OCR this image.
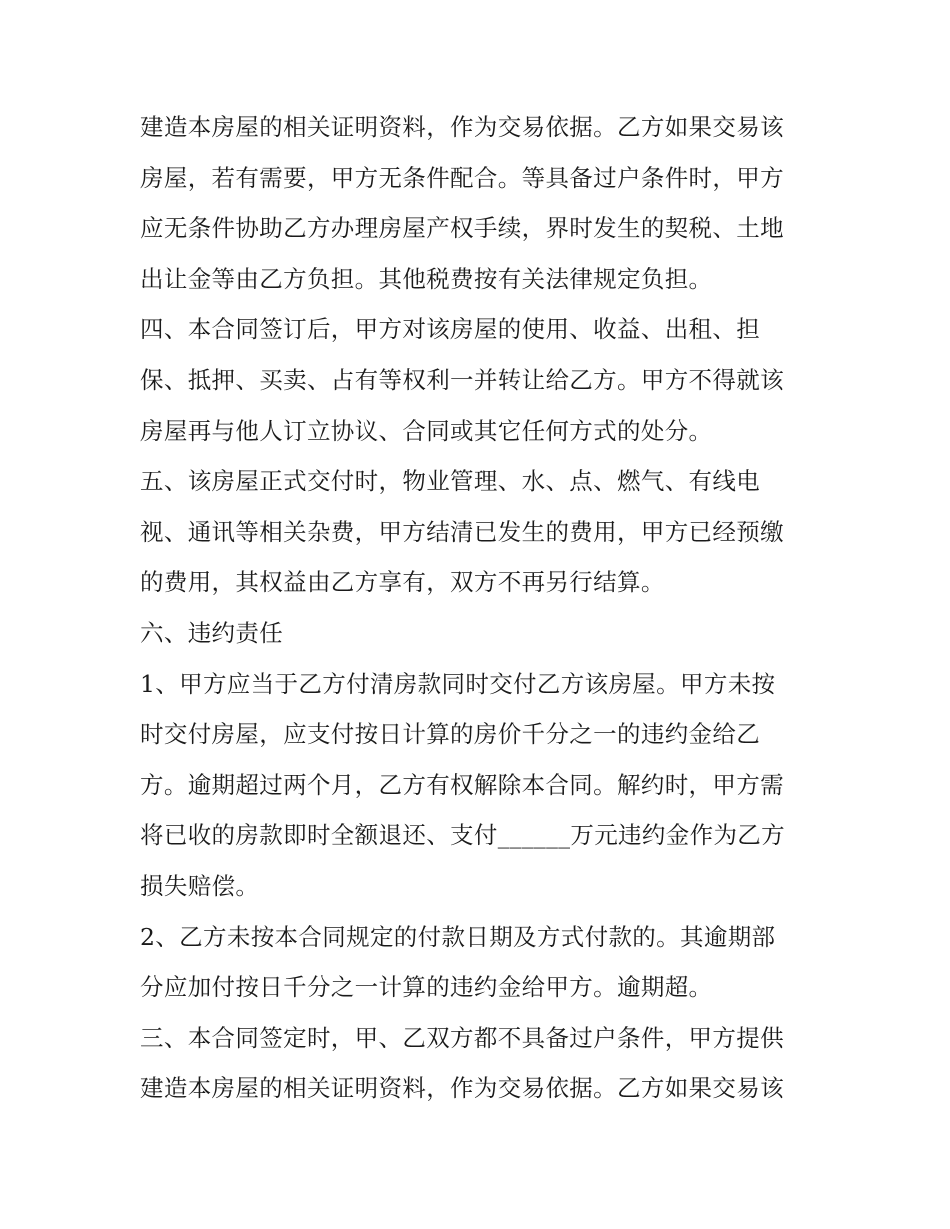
建造本房屋的相关证明资料，作为交易依据。乙方如果交易该
房屋，若有需要，甲方无条件配合。等具备过户条件时，甲方
应无条件协助乙方办理房屋产权手续，界时发生的契税、土地
出让金等由乙方负担。其他税费按有关法律规定负担。
四、本合同签订后，甲方对该房屋的使用、收益、出租、担
保、抵押、买卖、占有等权利一并转让给乙方。甲方不得就该
房屋再与他人订立协议、合同或其它任何方式的处分。
五、该房屋正式交付时，物业管理、水、点、燃气、有线电
视、通讯等相关杂费，甲方结清已发生的费用，甲方已经预缴
的费用，其权益由乙方享有，双方不再另行结算。
六、违约责任
1、甲方应当于乙方付清房款同时交付乙方该房屋。甲方未按
时交付房屋，应支付按日计算的房价千分之一的违约金给乙
方。逾期超过两个月，乙方有权解除本合同。解约时，甲方需
将已收的房款即时全额退还、支付______万元违约金作为乙方
损失赔偿。
2、乙方未按本合同规定的付款日期及方式付款的。其逾期部
分应加付按日千分之一计算的违约金给甲方。逾期超。
三、本合同签定时，甲、乙双方都不具备过户条件，甲方提供
建造本房屋的相关证明资料，作为交易依据。乙方如果交易该
